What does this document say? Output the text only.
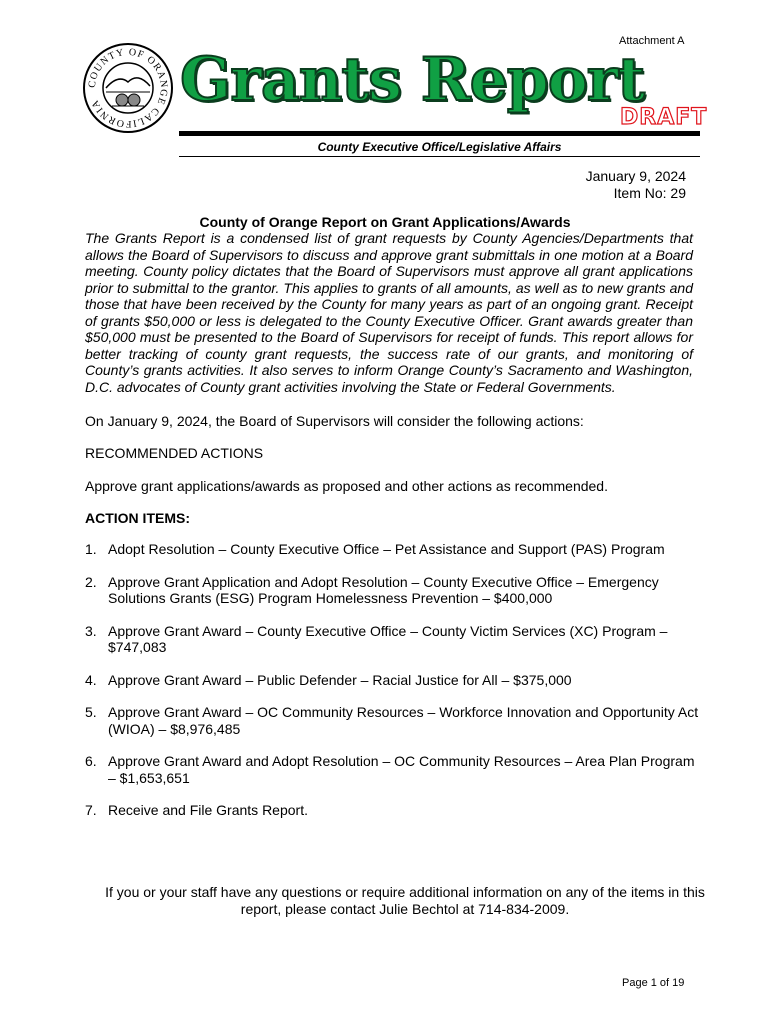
Attachment A
COUNTY OF ORANGE CALIFORNIA	Grants Report
DRAFT
County Executive Office/Legislative Affairs
January 9, 2024
Item No: 29
County of Orange Report on Grant Applications/Awards

The Grants Report is a condensed list of grant requests by County Agencies/Departments that allows the Board of Supervisors to discuss and approve grant submittals in one motion at a Board meeting. County policy dictates that the Board of Supervisors must approve all grant applications prior to submittal to the grantor. This applies to grants of all amounts, as well as to new grants and those that have been received by the County for many years as part of an ongoing grant. Receipt of grants $50,000 or less is delegated to the County Executive Officer. Grant awards greater than $50,000 must be presented to the Board of Supervisors for receipt of funds. This report allows for better tracking of county grant requests, the success rate of our grants, and monitoring of County’s grants activities. It also serves to inform Orange County’s Sacramento and Washington, D.C. advocates of County grant activities involving the State or Federal Governments.

On January 9, 2024, the Board of Supervisors will consider the following actions:

RECOMMENDED ACTIONS

Approve grant applications/awards as proposed and other actions as recommended.

ACTION ITEMS:

1. Adopt Resolution – County Executive Office – Pet Assistance and Support (PAS) Program
2. Approve Grant Application and Adopt Resolution – County Executive Office – Emergency Solutions Grants (ESG) Program Homelessness Prevention – $400,000
3. Approve Grant Award – County Executive Office – County Victim Services (XC) Program – $747,083
4. Approve Grant Award – Public Defender – Racial Justice for All – $375,000
5. Approve Grant Award – OC Community Resources – Workforce Innovation and Opportunity Act (WIOA) – $8,976,485
6. Approve Grant Award and Adopt Resolution – OC Community Resources – Area Plan Program – $1,653,651
7. Receive and File Grants Report.

If you or your staff have any questions or require additional information on any of the items in this report, please contact Julie Bechtol at 714-834-2009.

Page 1 of 19
